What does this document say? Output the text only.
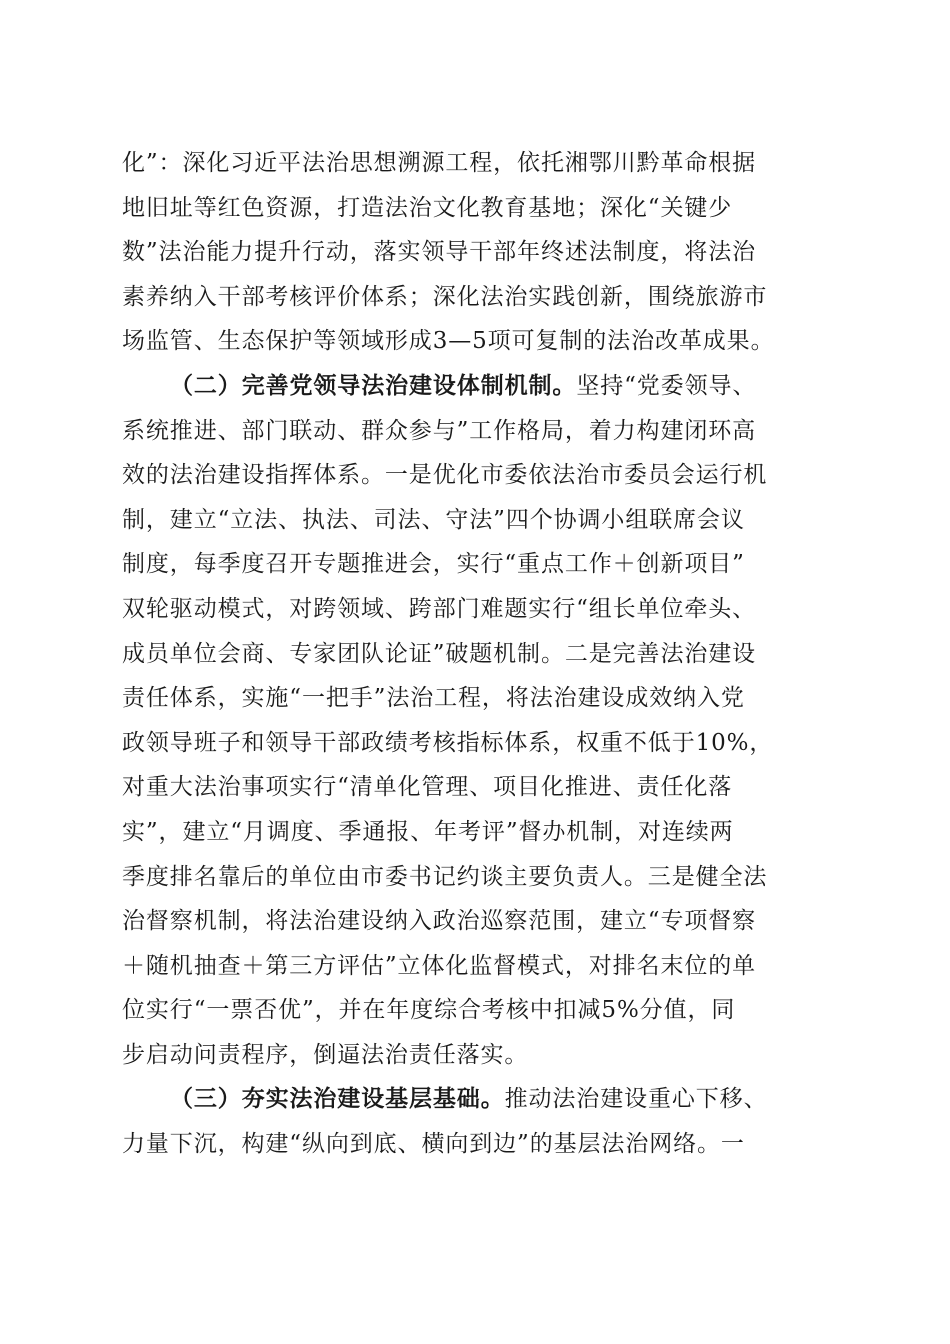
化”：深化习近平法治思想溯源工程，依托湘鄂川黔革命根据
地旧址等红色资源，打造法治文化教育基地；深化“关键少
数”法治能力提升行动，落实领导干部年终述法制度，将法治
素养纳入干部考核评价体系；深化法治实践创新，围绕旅游市
场监管、生态保护等领域形成3—5项可复制的法治改革成果。
（二）完善党领导法治建设体制机制。坚持“党委领导、
系统推进、部门联动、群众参与”工作格局，着力构建闭环高
效的法治建设指挥体系。一是优化市委依法治市委员会运行机
制，建立“立法、执法、司法、守法”四个协调小组联席会议
制度，每季度召开专题推进会，实行“重点工作＋创新项目”
双轮驱动模式，对跨领域、跨部门难题实行“组长单位牵头、
成员单位会商、专家团队论证”破题机制。二是完善法治建设
责任体系，实施“一把手”法治工程，将法治建设成效纳入党
政领导班子和领导干部政绩考核指标体系，权重不低于10%，
对重大法治事项实行“清单化管理、项目化推进、责任化落
实”，建立“月调度、季通报、年考评”督办机制，对连续两
季度排名靠后的单位由市委书记约谈主要负责人。三是健全法
治督察机制，将法治建设纳入政治巡察范围，建立“专项督察
＋随机抽查＋第三方评估”立体化监督模式，对排名末位的单
位实行“一票否优”，并在年度综合考核中扣减5%分值，同
步启动问责程序，倒逼法治责任落实。
（三）夯实法治建设基层基础。推动法治建设重心下移、
力量下沉，构建“纵向到底、横向到边”的基层法治网络。一
